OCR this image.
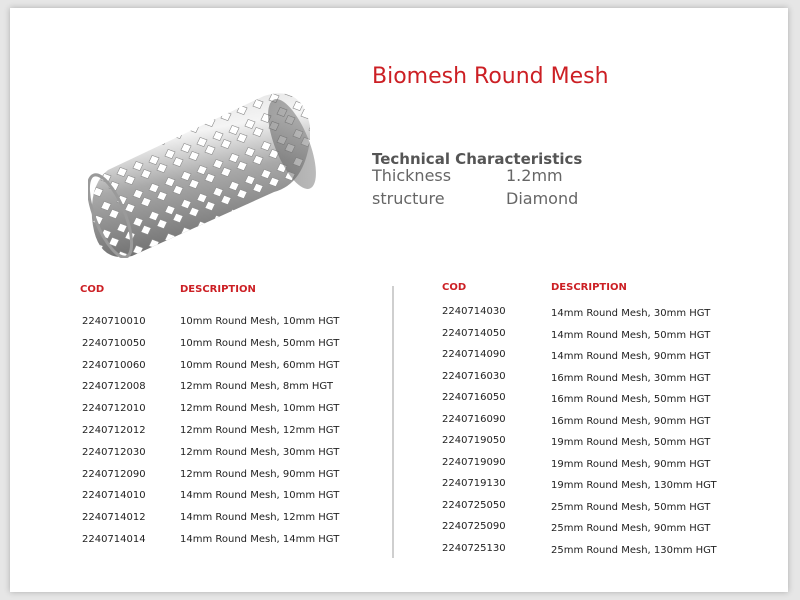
Biomesh Round Mesh
Technical Characteristics
Thickness	1.2mm
structure	Diamond
COD	DESCRIPTION
2240710010	10mm Round Mesh, 10mm HGT
2240710050	10mm Round Mesh, 50mm HGT
2240710060	10mm Round Mesh, 60mm HGT
2240712008	12mm Round Mesh, 8mm HGT
2240712010	12mm Round Mesh, 10mm HGT
2240712012	12mm Round Mesh, 12mm HGT
2240712030	12mm Round Mesh, 30mm HGT
2240712090	12mm Round Mesh, 90mm HGT
2240714010	14mm Round Mesh, 10mm HGT
2240714012	14mm Round Mesh, 12mm HGT
2240714014	14mm Round Mesh, 14mm HGT
COD	DESCRIPTION
2240714030	14mm Round Mesh, 30mm HGT
2240714050	14mm Round Mesh, 50mm HGT
2240714090	14mm Round Mesh, 90mm HGT
2240716030	16mm Round Mesh, 30mm HGT
2240716050	16mm Round Mesh, 50mm HGT
2240716090	16mm Round Mesh, 90mm HGT
2240719050	19mm Round Mesh, 50mm HGT
2240719090	19mm Round Mesh, 90mm HGT
2240719130	19mm Round Mesh, 130mm HGT
2240725050	25mm Round Mesh, 50mm HGT
2240725090	25mm Round Mesh, 90mm HGT
2240725130	25mm Round Mesh, 130mm HGT
